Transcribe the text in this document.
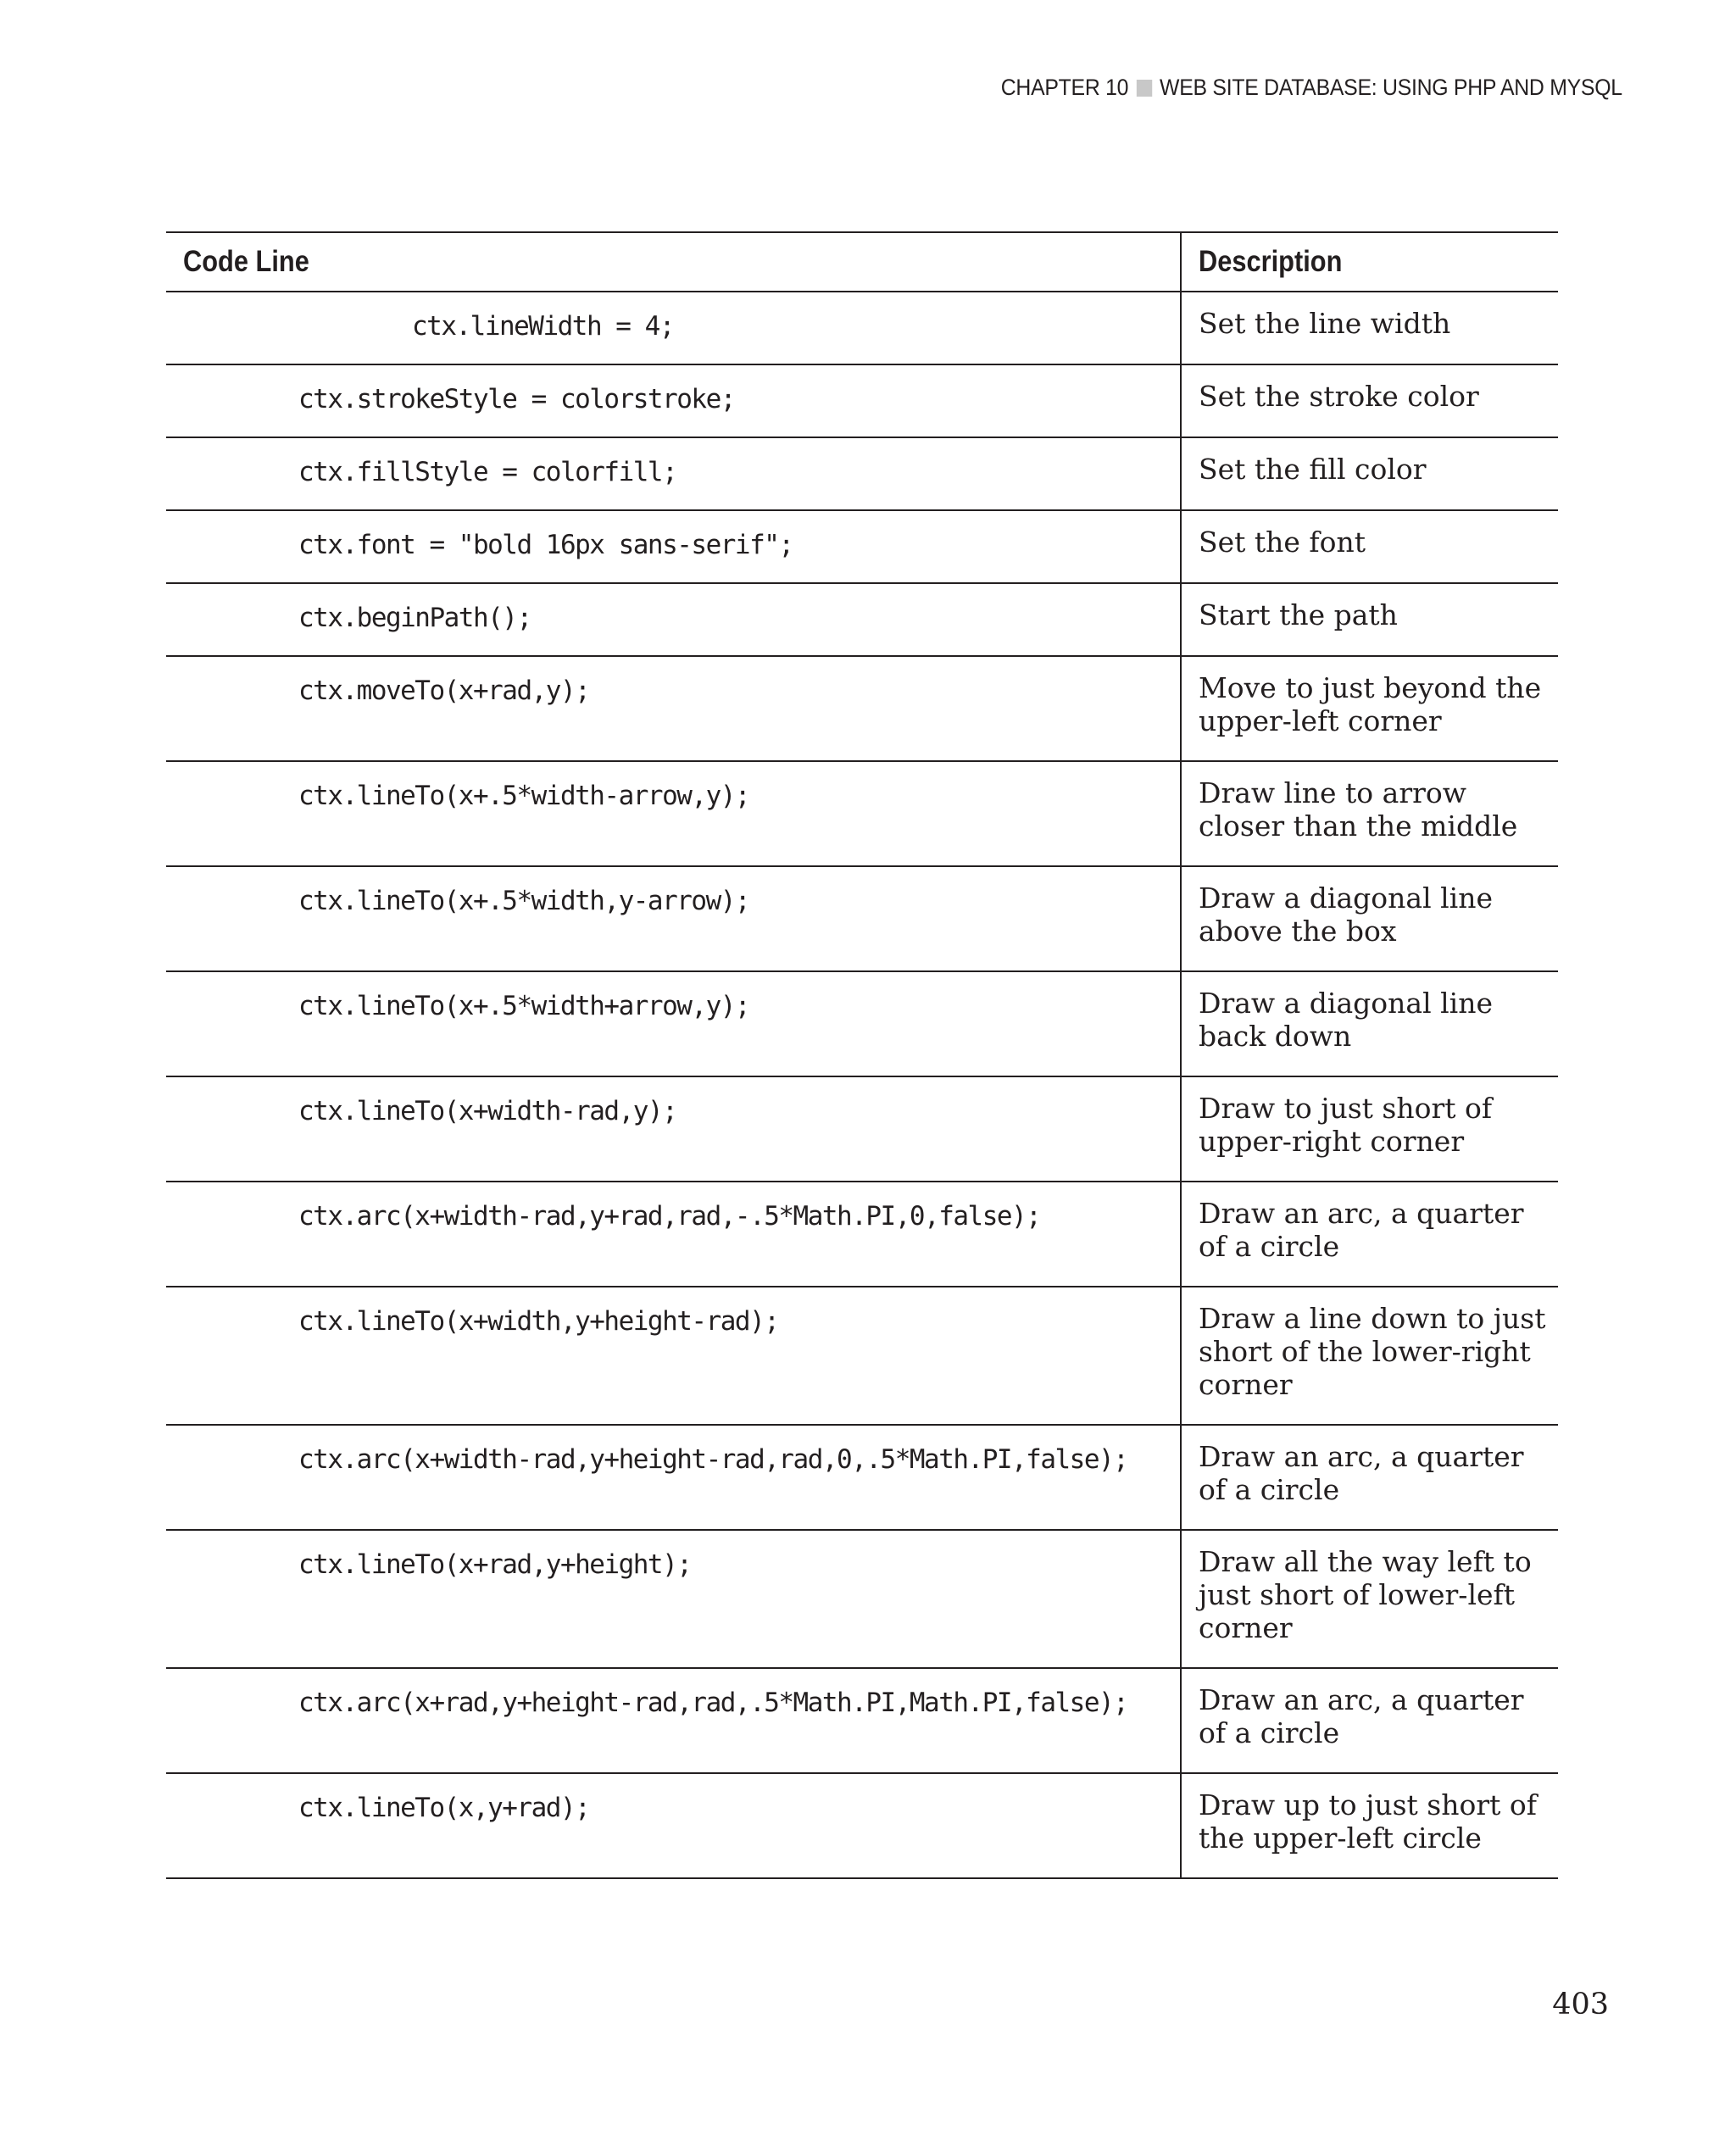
CHAPTER 10 WEB SITE DATABASE: USING PHP AND MYSQL
Code Line	Description
ctx.lineWidth = 4;	Set the line width
ctx.strokeStyle = colorstroke;	Set the stroke color
ctx.fillStyle = colorfill;	Set the fill color
ctx.font = "bold 16px sans-serif";	Set the font
ctx.beginPath();	Start the path
ctx.moveTo(x+rad,y);	Move to just beyond the upper-left corner
ctx.lineTo(x+.5*width-arrow,y);	Draw line to arrow closer than the middle
ctx.lineTo(x+.5*width,y-arrow);	Draw a diagonal line above the box
ctx.lineTo(x+.5*width+arrow,y);	Draw a diagonal line back down
ctx.lineTo(x+width-rad,y);	Draw to just short of upper-right corner
ctx.arc(x+width-rad,y+rad,rad,-.5*Math.PI,0,false);	Draw an arc, a quarter of a circle
ctx.lineTo(x+width,y+height-rad);	Draw a line down to just short of the lower-right corner
ctx.arc(x+width-rad,y+height-rad,rad,0,.5*Math.PI,false);	Draw an arc, a quarter of a circle
ctx.lineTo(x+rad,y+height);	Draw all the way left to just short of lower-left corner
ctx.arc(x+rad,y+height-rad,rad,.5*Math.PI,Math.PI,false);	Draw an arc, a quarter of a circle
ctx.lineTo(x,y+rad);	Draw up to just short of the upper-left circle
403
